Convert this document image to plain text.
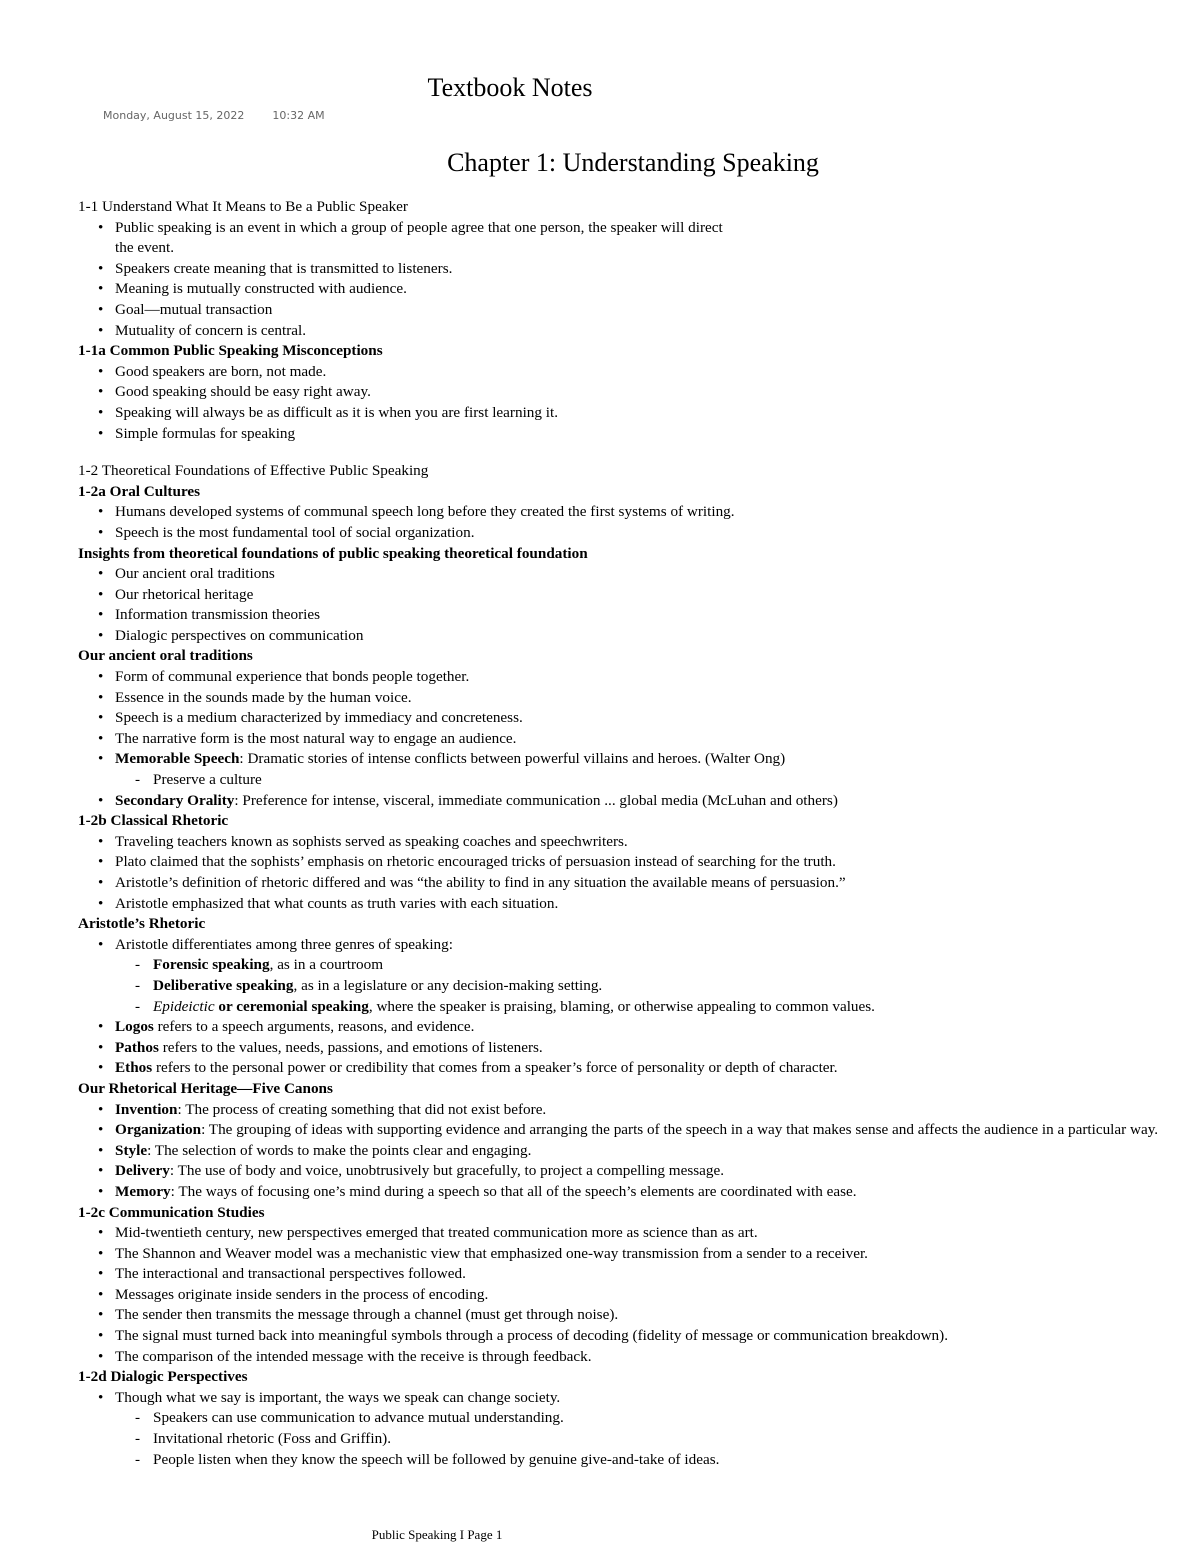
Textbook Notes
Monday, August 15, 2022	10:32 AM
Chapter 1: Understanding Speaking
1-1 Understand What It Means to Be a Public Speaker
• Public speaking is an event in which a group of people agree that one person, the speaker will direct
the event.
• Speakers create meaning that is transmitted to listeners.
• Meaning is mutually constructed with audience.
• Goal—mutual transaction
• Mutuality of concern is central.
1-1a Common Public Speaking Misconceptions
• Good speakers are born, not made.
• Good speaking should be easy right away.
• Speaking will always be as difficult as it is when you are first learning it.
• Simple formulas for speaking
1-2 Theoretical Foundations of Effective Public Speaking
1-2a Oral Cultures
• Humans developed systems of communal speech long before they created the first systems of writing.
• Speech is the most fundamental tool of social organization.
Insights from theoretical foundations of public speaking theoretical foundation
• Our ancient oral traditions
• Our rhetorical heritage
• Information transmission theories
• Dialogic perspectives on communication
Our ancient oral traditions
• Form of communal experience that bonds people together.
• Essence in the sounds made by the human voice.
• Speech is a medium characterized by immediacy and concreteness.
• The narrative form is the most natural way to engage an audience.
• Memorable Speech: Dramatic stories of intense conflicts between powerful villains and heroes. (Walter Ong)
- Preserve a culture
• Secondary Orality: Preference for intense, visceral, immediate communication ... global media (McLuhan and others)
1-2b Classical Rhetoric
• Traveling teachers known as sophists served as speaking coaches and speechwriters.
• Plato claimed that the sophists’ emphasis on rhetoric encouraged tricks of persuasion instead of searching for the truth.
• Aristotle’s definition of rhetoric differed and was “the ability to find in any situation the available means of persuasion.”
• Aristotle emphasized that what counts as truth varies with each situation.
Aristotle’s Rhetoric
• Aristotle differentiates among three genres of speaking:
- Forensic speaking, as in a courtroom
- Deliberative speaking, as in a legislature or any decision-making setting.
- Epideictic or ceremonial speaking, where the speaker is praising, blaming, or otherwise appealing to common values.
• Logos refers to a speech arguments, reasons, and evidence.
• Pathos refers to the values, needs, passions, and emotions of listeners.
• Ethos refers to the personal power or credibility that comes from a speaker’s force of personality or depth of character.
Our Rhetorical Heritage—Five Canons
• Invention: The process of creating something that did not exist before.
• Organization: The grouping of ideas with supporting evidence and arranging the parts of the speech in a way that makes sense and affects the audience in a particular way.
• Style: The selection of words to make the points clear and engaging.
• Delivery: The use of body and voice, unobtrusively but gracefully, to project a compelling message.
• Memory: The ways of focusing one’s mind during a speech so that all of the speech’s elements are coordinated with ease.
1-2c Communication Studies
• Mid-twentieth century, new perspectives emerged that treated communication more as science than as art.
• The Shannon and Weaver model was a mechanistic view that emphasized one-way transmission from a sender to a receiver.
• The interactional and transactional perspectives followed.
• Messages originate inside senders in the process of encoding.
• The sender then transmits the message through a channel (must get through noise).
• The signal must turned back into meaningful symbols through a process of decoding (fidelity of message or communication breakdown).
• The comparison of the intended message with the receive is through feedback.
1-2d Dialogic Perspectives
• Though what we say is important, the ways we speak can change society.
- Speakers can use communication to advance mutual understanding.
- Invitational rhetoric (Foss and Griffin).
- People listen when they know the speech will be followed by genuine give-and-take of ideas.
Public Speaking I Page 1
